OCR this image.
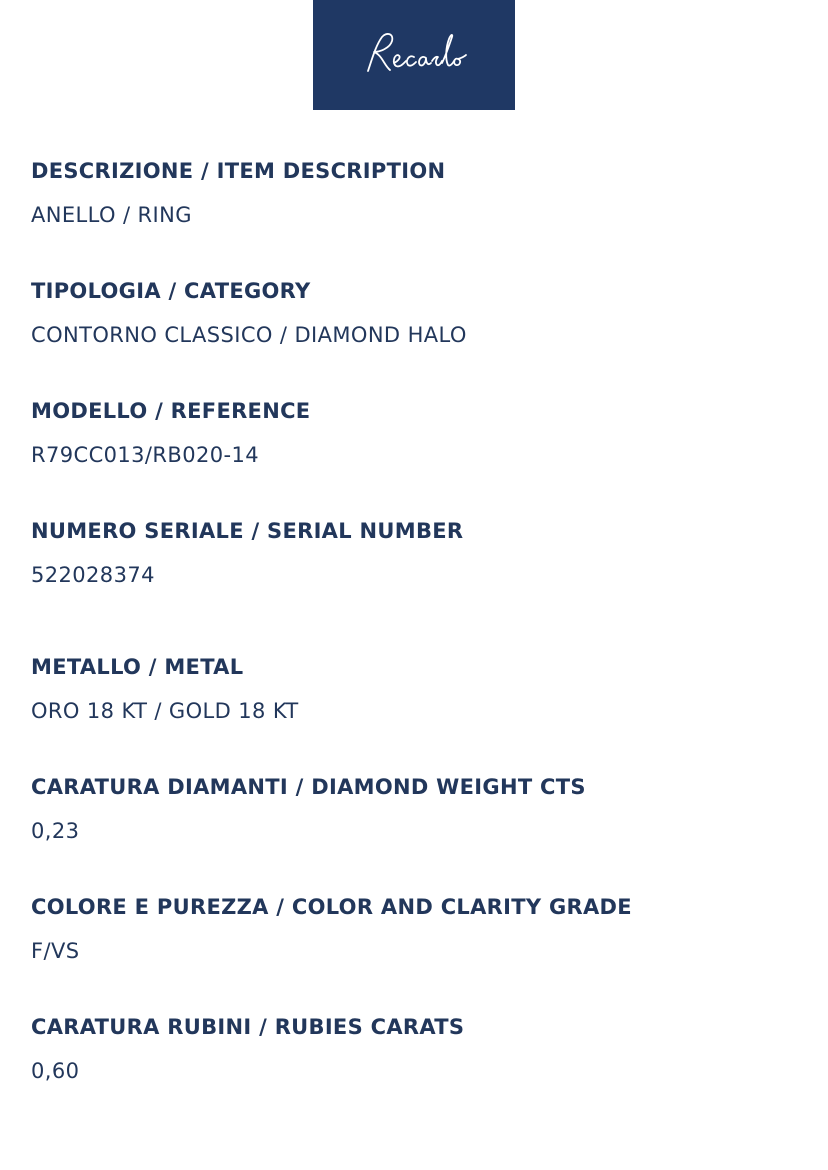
DESCRIZIONE / ITEM DESCRIPTION
ANELLO / RING
TIPOLOGIA / CATEGORY
CONTORNO CLASSICO / DIAMOND HALO
MODELLO / REFERENCE
R79CC013/RB020-14
NUMERO SERIALE / SERIAL NUMBER
522028374
METALLO / METAL
ORO 18 KT / GOLD 18 KT
CARATURA DIAMANTI / DIAMOND WEIGHT CTS
0,23
COLORE E PUREZZA / COLOR AND CLARITY GRADE
F/VS
CARATURA RUBINI / RUBIES CARATS
0,60
